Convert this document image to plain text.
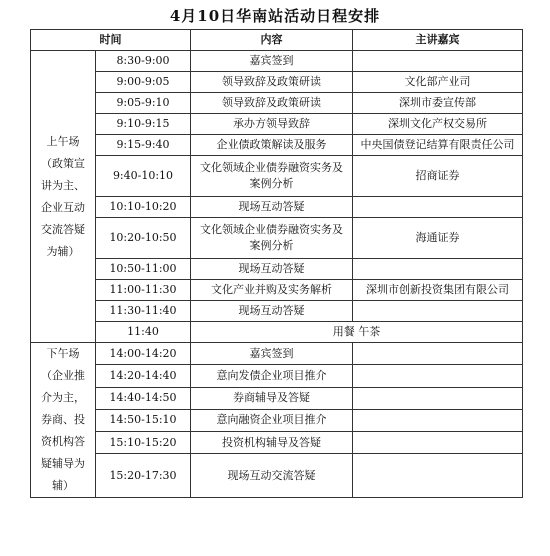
4月10日华南站活动日程安排
时间		内容	主讲嘉宾
上午场（政策宣讲为主、企业互动交流答疑为辅）	8:30-9:00	嘉宾签到	
	9:00-9:05	领导致辞及政策研读	文化部产业司
	9:05-9:10	领导致辞及政策研读	深圳市委宣传部
	9:10-9:15	承办方领导致辞	深圳文化产权交易所
	9:15-9:40	企业债政策解读及服务	中央国债登记结算有限责任公司
	9:40-10:10	文化领域企业债券融资实务及案例分析	招商证券
	10:10-10:20	现场互动答疑	
	10:20-10:50	文化领域企业债券融资实务及案例分析	海通证券
	10:50-11:00	现场互动答疑	
	11:00-11:30	文化产业并购及实务解析	深圳市创新投资集团有限公司
	11:30-11:40	现场互动答疑	
	11:40	用餐 午茶	
下午场（企业推介为主，券商、投资机构答疑辅导为辅）	14:00-14:20	嘉宾签到	
	14:20-14:40	意向发债企业项目推介	
	14:40-14:50	券商辅导及答疑	
	14:50-15:10	意向融资企业项目推介	
	15:10-15:20	投资机构辅导及答疑	
	15:20-17:30	现场互动交流答疑	
